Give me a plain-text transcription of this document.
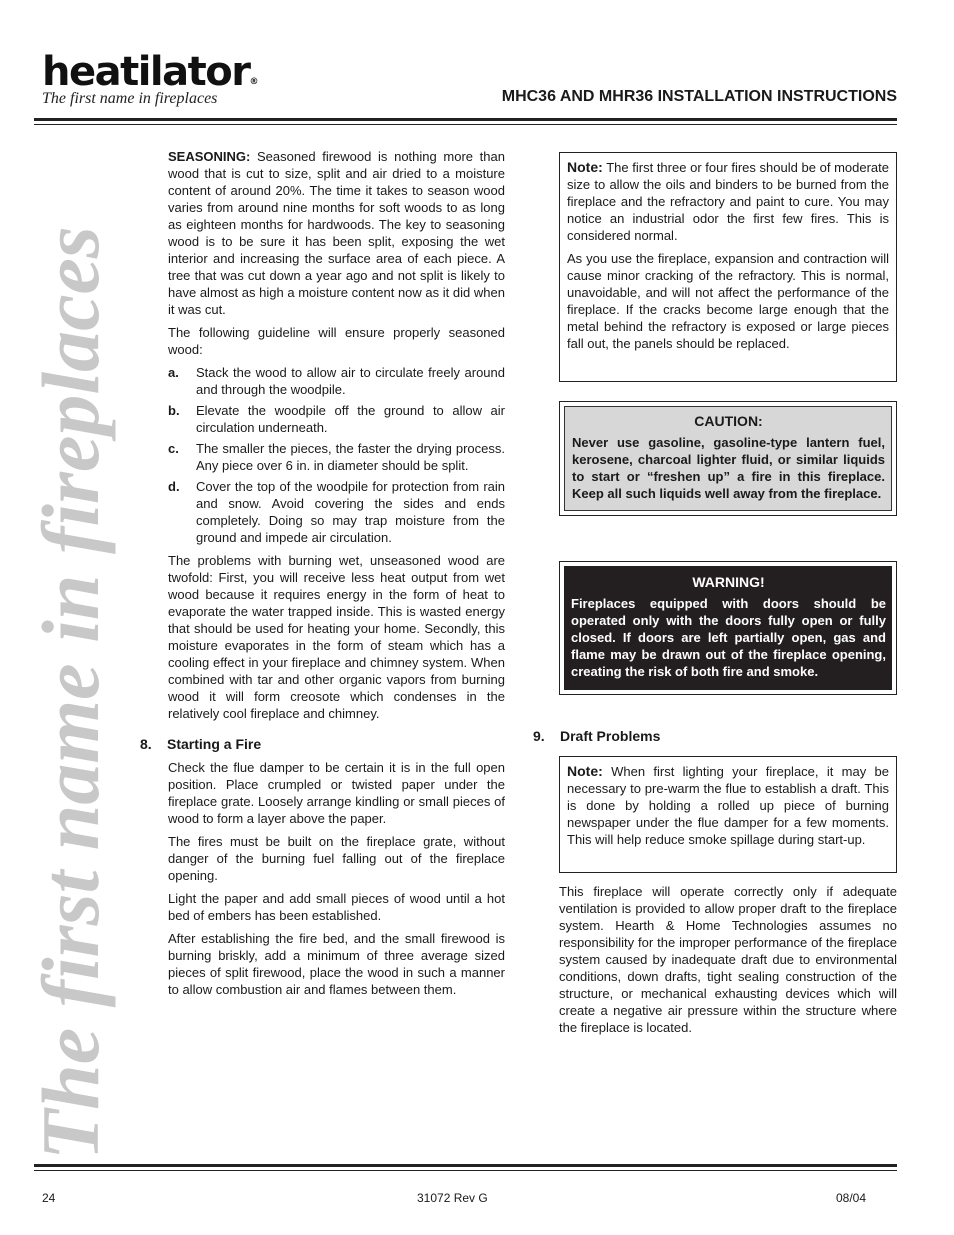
heatilator®
The first name in fireplaces	MHC36 AND MHR36 INSTALLATION INSTRUCTIONS
The first name in fireplaces

SEASONING: Seasoned firewood is nothing more than wood that is cut to size, split and air dried to a moisture content of around 20%. The time it takes to season wood varies from around nine months for soft woods to as long as eighteen months for hardwoods. The key to seasoning wood is to be sure it has been split, exposing the wet interior and increasing the surface area of each piece. A tree that was cut down a year ago and not split is likely to have almost as high a moisture content now as it did when it was cut.

The following guideline will ensure properly seasoned wood:

a.	Stack the wood to allow air to circulate freely around and through the woodpile.
b.	Elevate the woodpile off the ground to allow air circulation underneath.
c.	The smaller the pieces, the faster the drying process. Any piece over 6 in. in diameter should be split.
d.	Cover the top of the woodpile for protection from rain and snow. Avoid covering the sides and ends completely. Doing so may trap moisture from the ground and impede air circulation.

The problems with burning wet, unseasoned wood are twofold: First, you will receive less heat output from wet wood because it requires energy in the form of heat to evaporate the water trapped inside. This is wasted energy that should be used for heating your home. Secondly, this moisture evaporates in the form of steam which has a cooling effect in your fireplace and chimney system. When combined with tar and other organic vapors from burning wood it will form creosote which condenses in the relatively cool fireplace and chimney.

8.	Starting a Fire

Check the flue damper to be certain it is in the full open position. Place crumpled or twisted paper under the fireplace grate. Loosely arrange kindling or small pieces of wood to form a layer above the paper.

The fires must be built on the fireplace grate, without danger of the burning fuel falling out of the fireplace opening.

Light the paper and add small pieces of wood until a hot bed of embers has been established.

After establishing the fire bed, and the small firewood is burning briskly, add a minimum of three average sized pieces of split firewood, place the wood in such a manner to allow combustion air and flames between them.

Note: The first three or four fires should be of moderate size to allow the oils and binders to be burned from the fireplace and the refractory and paint to cure. You may notice an industrial odor the first few fires. This is considered normal.

As you use the fireplace, expansion and contraction will cause minor cracking of the refractory. This is normal, unavoidable, and will not affect the performance of the fireplace. If the cracks become large enough that the metal behind the refractory is exposed or large pieces fall out, the panels should be replaced.

CAUTION:

Never use gasoline, gasoline-type lantern fuel, kerosene, charcoal lighter fluid, or similar liquids to start or “freshen up” a fire in this fireplace. Keep all such liquids well away from the fireplace.

WARNING!

Fireplaces equipped with doors should be operated only with the doors fully open or fully closed. If doors are left partially open, gas and flame may be drawn out of the fireplace opening, creating the risk of both fire and smoke.

9.	Draft Problems

Note: When first lighting your fireplace, it may be necessary to pre-warm the flue to establish a draft. This is done by holding a rolled up piece of burning newspaper under the flue damper for a few moments. This will help reduce smoke spillage during start-up.

This fireplace will operate correctly only if adequate ventilation is provided to allow proper draft to the fireplace system. Hearth & Home Technologies assumes no responsibility for the improper performance of the fireplace system caused by inadequate draft due to environmental conditions, down drafts, tight sealing construction of the structure, or mechanical exhausting devices which will create a negative air pressure within the structure where the fireplace is located.

24	31072 Rev G	08/04
